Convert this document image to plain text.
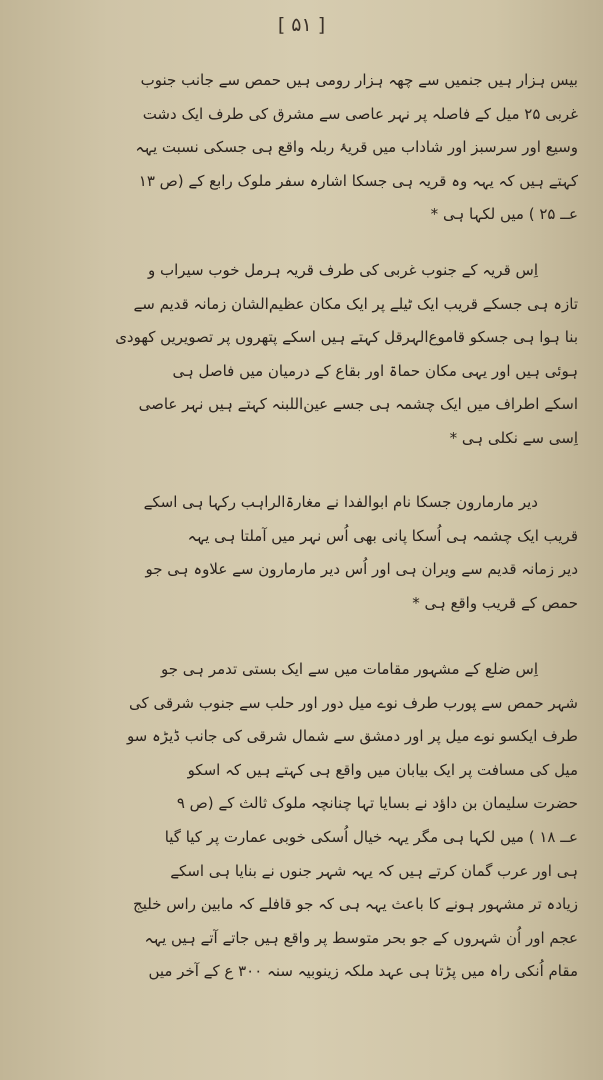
[ ۵۱ ]
بیس ہزار ہیں جنمیں سے چھہ ہزار رومی ہیں حمص سے جانب جنوب
غربی ۲۵ میل کے فاصلہ پر نہر عاصی سے مشرق کی طرف ایک دشت
وسیع اور سرسبز اور شاداب میں قریۂ ربلہ واقع ہی جسکی نسبت یہہ
کہتے ہیں کہ یہہ وہ قریہ ہی جسکا اشارہ سفر ملوک رابع کے (ص ۱۳
عــ ۲۵ ) میں لکہا ہی *
اِس قریہ کے جنوب غربی کی طرف قریہ ہرمل خوب سیراب و
تازہ ہی جسکے قریب ایک ٹیلے پر ایک مکان عظیم‌الشان زمانہ قدیم سے
بنا ہوا ہی جسکو قاموع‌الہرقل کہتے ہیں اسکے پتھروں پر تصویریں کھودی
ہوئی ہیں اور یہی مکان حماۃ اور بقاع کے درمیان میں فاصل ہی
اسکے اطراف میں ایک چشمہ ہی جسے عین‌اللبنہ کہتے ہیں نہر عاصی
اِسی سے نکلی ہی *
دیر مارمارون جسکا نام ابوالفدا نے مغارۃ‌الراہب رکہا ہی اسکے
قریب ایک چشمہ ہی اُسکا پانی بھی اُس نہر میں آملتا ہی یہہ
دیر زمانہ قدیم سے ویران ہی اور اُس دیر مارمارون سے علاوہ ہی جو
حمص کے قریب واقع ہی *
اِس ضلع کے مشہور مقامات میں سے ایک بستی تدمر ہی جو
شہر حمص سے پورب طرف نوے میل دور اور حلب سے جنوب شرقی کی
طرف ایکسو نوے میل پر اور دمشق سے شمال شرقی کی جانب ڈیڑہ سو
میل کی مسافت پر ایک بیابان میں واقع ہی کہتے ہیں کہ اسکو
حضرت سلیمان بن داؤد نے بسایا تہا چنانچہ ملوک ثالث کے (ص ۹
عــ ۱۸ ) میں لکہا ہی مگر یہہ خیال اُسکی خوبی عمارت پر کیا گیا
ہی اور عرب گمان کرتے ہیں کہ یہہ شہر جنوں نے بنایا ہی اسکے
زیادہ تر مشہور ہونے کا باعث یہہ ہی کہ جو قافلے کہ مابین راس خلیج
عجم اور اُن شہروں کے جو بحر متوسط پر واقع ہیں جاتے آتے ہیں یہہ
مقام اُنکی راہ میں پڑتا ہی عہد ملکہ زینوبیہ سنہ ۳۰۰ ع کے آخر میں
